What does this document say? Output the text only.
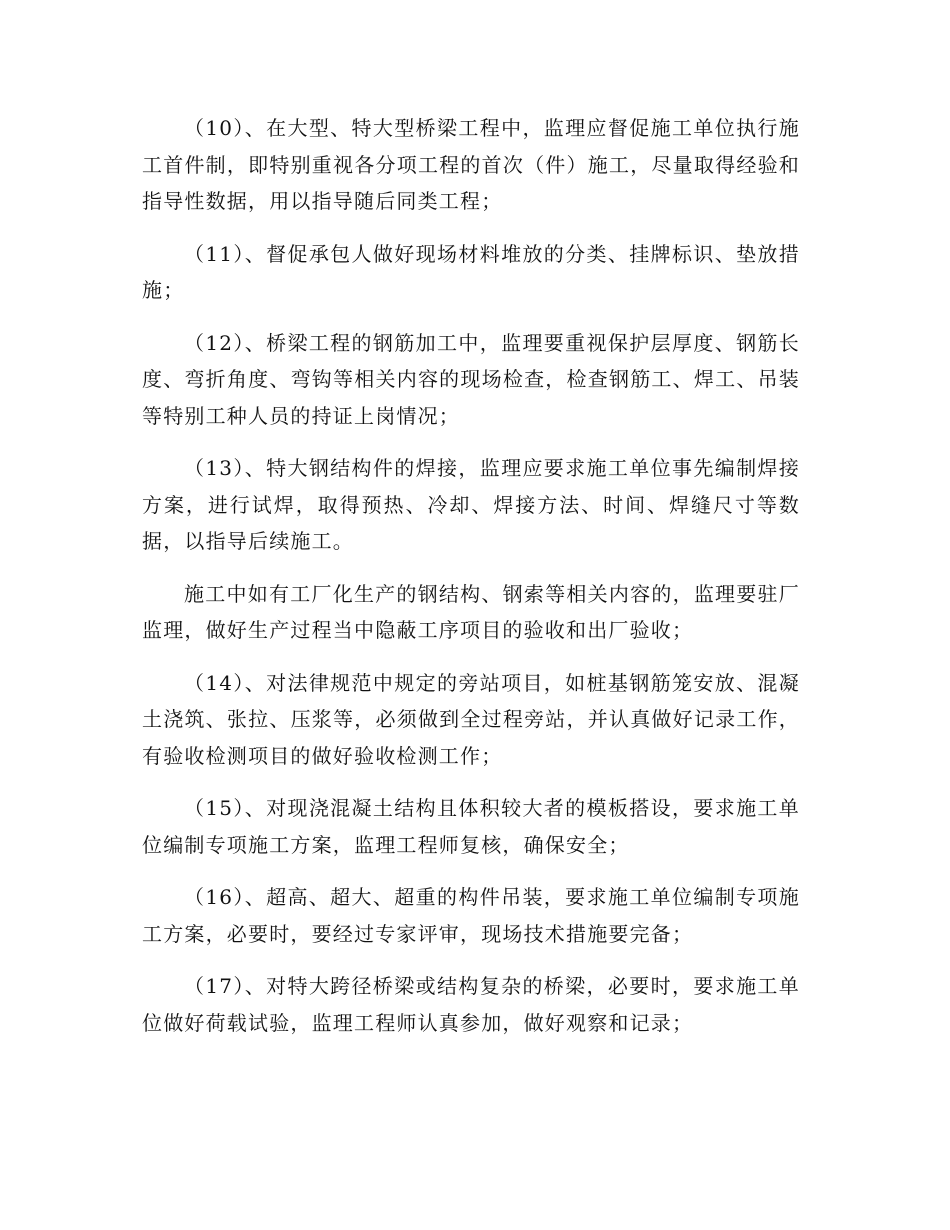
（10）、在大型、特大型桥梁工程中，监理应督促施工单位执行施工首件制，即特别重视各分项工程的首次（件）施工，尽量取得经验和指导性数据，用以指导随后同类工程；

（11）、督促承包人做好现场材料堆放的分类、挂牌标识、垫放措施；

（12）、桥梁工程的钢筋加工中，监理要重视保护层厚度、钢筋长度、弯折角度、弯钩等相关内容的现场检查，检查钢筋工、焊工、吊装等特别工种人员的持证上岗情况；

（13）、特大钢结构件的焊接，监理应要求施工单位事先编制焊接方案，进行试焊，取得预热、冷却、焊接方法、时间、焊缝尺寸等数据，以指导后续施工。

施工中如有工厂化生产的钢结构、钢索等相关内容的，监理要驻厂监理，做好生产过程当中隐蔽工序项目的验收和出厂验收；

（14）、对法律规范中规定的旁站项目，如桩基钢筋笼安放、混凝土浇筑、张拉、压浆等，必须做到全过程旁站，并认真做好记录工作，有验收检测项目的做好验收检测工作；

（15）、对现浇混凝土结构且体积较大者的模板搭设，要求施工单位编制专项施工方案，监理工程师复核，确保安全；

（16）、超高、超大、超重的构件吊装，要求施工单位编制专项施工方案，必要时，要经过专家评审，现场技术措施要完备；

（17）、对特大跨径桥梁或结构复杂的桥梁，必要时，要求施工单位做好荷载试验，监理工程师认真参加，做好观察和记录；
